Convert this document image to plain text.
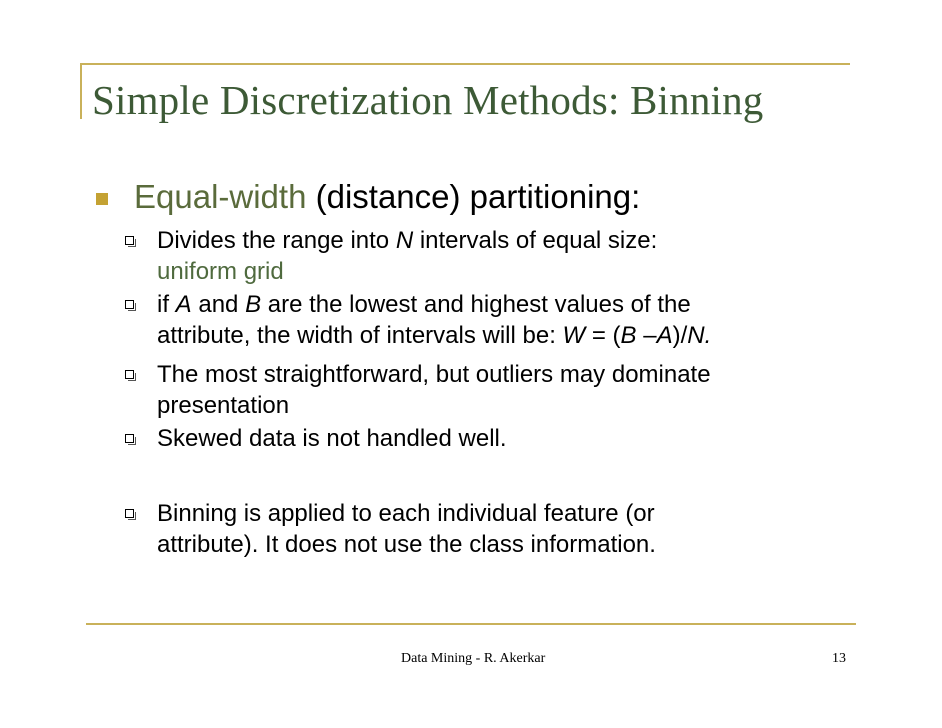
Simple Discretization Methods: Binning
Equal-width (distance) partitioning:
Divides the range into N intervals of equal size:
uniform grid
if A and B are the lowest and highest values of the
attribute, the width of intervals will be: W = (B –A)/N.
The most straightforward, but outliers may dominate
presentation
Skewed data is not handled well.
Binning is applied to each individual feature (or
attribute). It does not use the class information.
Data Mining - R. Akerkar	13
